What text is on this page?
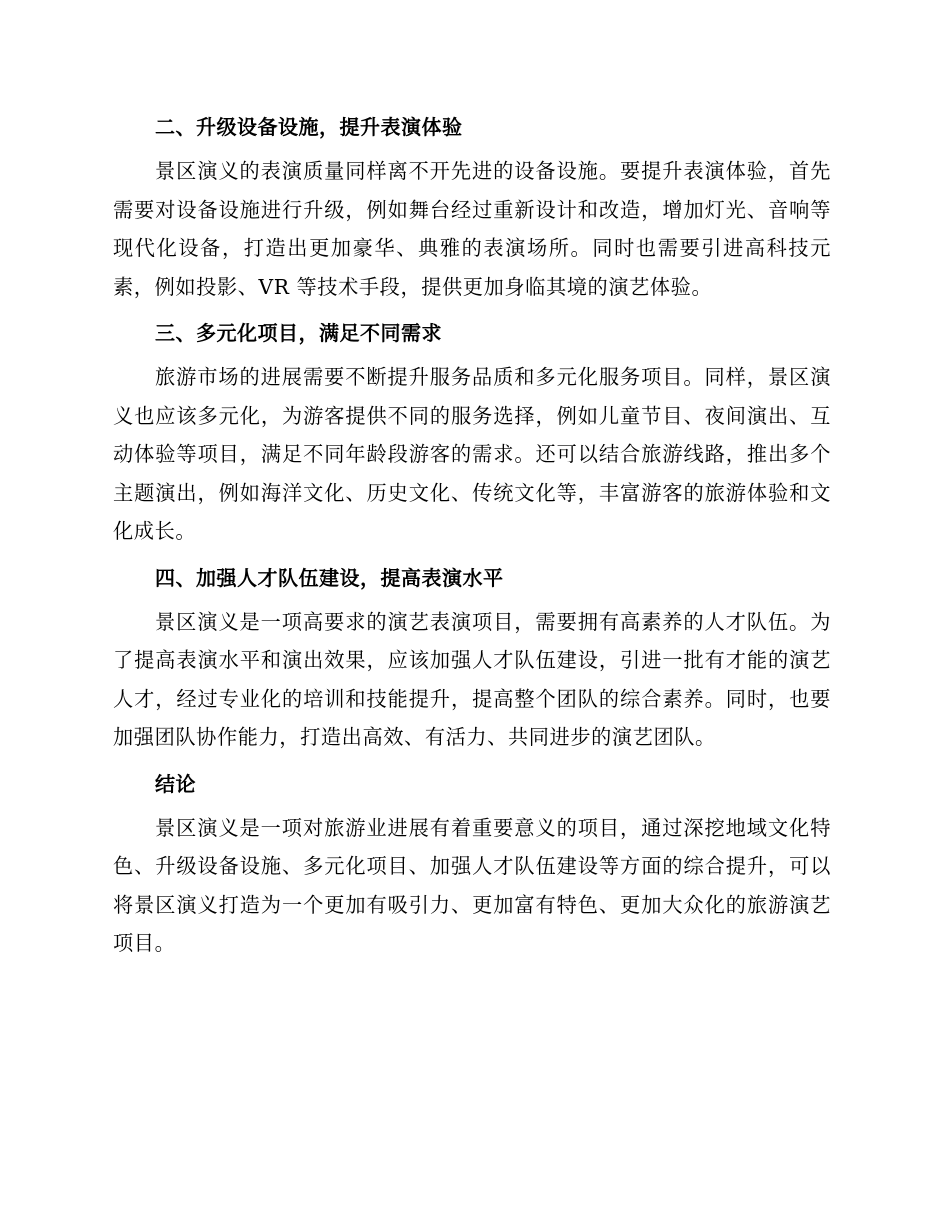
二、升级设备设施，提升表演体验

景区演义的表演质量同样离不开先进的设备设施。要提升表演体验，首先需要对设备设施进行升级，例如舞台经过重新设计和改造，增加灯光、音响等现代化设备，打造出更加豪华、典雅的表演场所。同时也需要引进高科技元素，例如投影、VR 等技术手段，提供更加身临其境的演艺体验。

三、多元化项目，满足不同需求

旅游市场的进展需要不断提升服务品质和多元化服务项目。同样，景区演义也应该多元化，为游客提供不同的服务选择，例如儿童节目、夜间演出、互动体验等项目，满足不同年龄段游客的需求。还可以结合旅游线路，推出多个主题演出，例如海洋文化、历史文化、传统文化等，丰富游客的旅游体验和文化成长。

四、加强人才队伍建设，提高表演水平

景区演义是一项高要求的演艺表演项目，需要拥有高素养的人才队伍。为了提高表演水平和演出效果，应该加强人才队伍建设，引进一批有才能的演艺人才，经过专业化的培训和技能提升，提高整个团队的综合素养。同时，也要加强团队协作能力，打造出高效、有活力、共同进步的演艺团队。

结论

景区演义是一项对旅游业进展有着重要意义的项目，通过深挖地域文化特色、升级设备设施、多元化项目、加强人才队伍建设等方面的综合提升，可以将景区演义打造为一个更加有吸引力、更加富有特色、更加大众化的旅游演艺项目。
